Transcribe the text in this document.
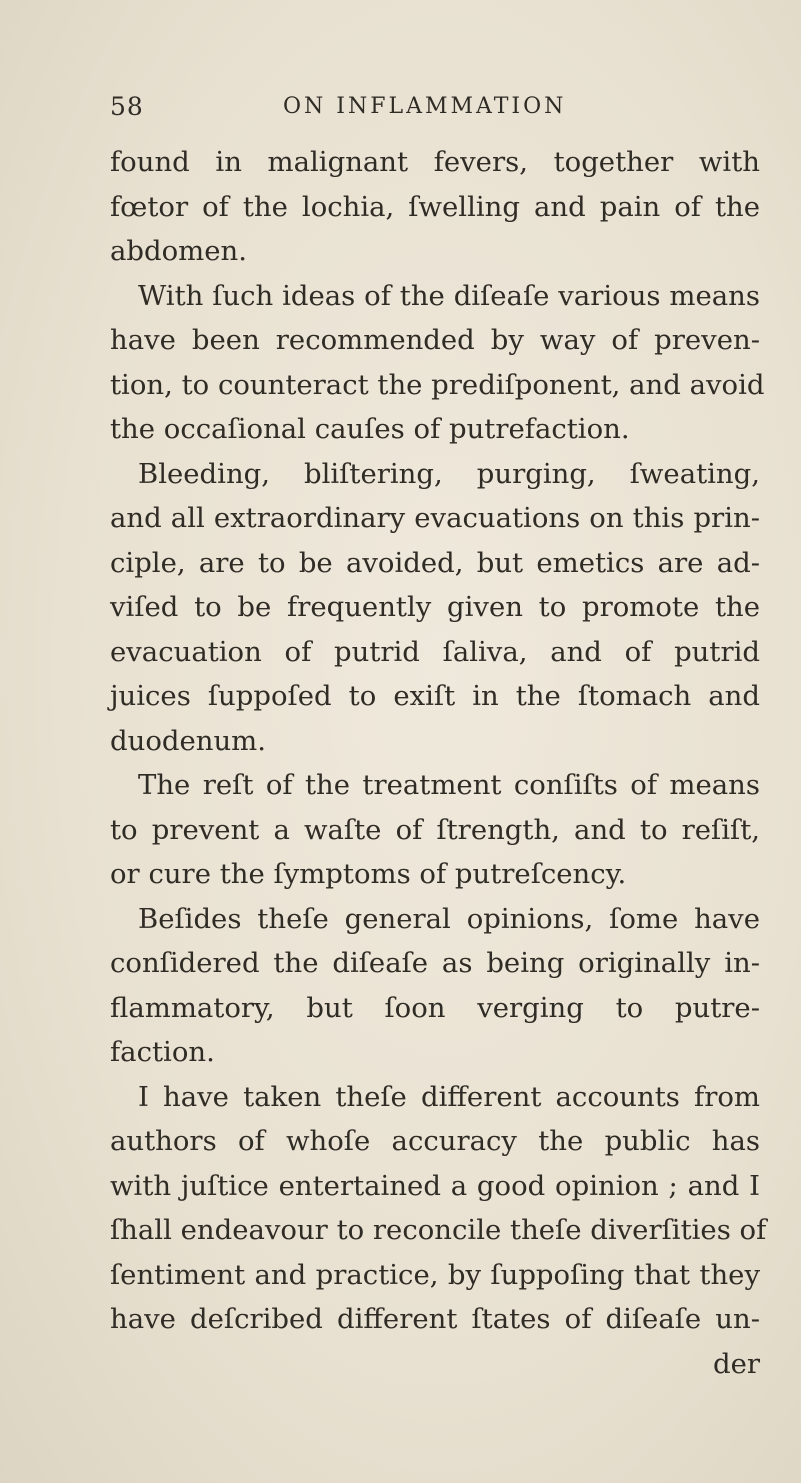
58	ON INFLAMMATION
found in malignant fevers, together with
fœtor of the lochia, ſwelling and pain of the
abdomen.
With ſuch ideas of the diſeaſe various means
have been recommended by way of preven-
tion, to counteract the prediſponent, and avoid
the occaſional cauſes of putrefaction.
Bleeding, bliſtering, purging, ſweating,
and all extraordinary evacuations on this prin-
ciple, are to be avoided, but emetics are ad-
viſed to be frequently given to promote the
evacuation of putrid ſaliva, and of putrid
juices ſuppoſed to exiſt in the ſtomach and
duodenum.
The reſt of the treatment conſiſts of means
to prevent a waſte of ſtrength, and to reſiſt,
or cure the ſymptoms of putreſcency.
Beſides theſe general opinions, ſome have
conſidered the diſeaſe as being originally in-
flammatory, but ſoon verging to putre-
faction.
I have taken theſe different accounts from
authors of whoſe accuracy the public has
with juſtice entertained a good opinion ; and I
ſhall endeavour to reconcile theſe diverſities of
ſentiment and practice, by ſuppoſing that they
have deſcribed different ſtates of diſeaſe un-
der
